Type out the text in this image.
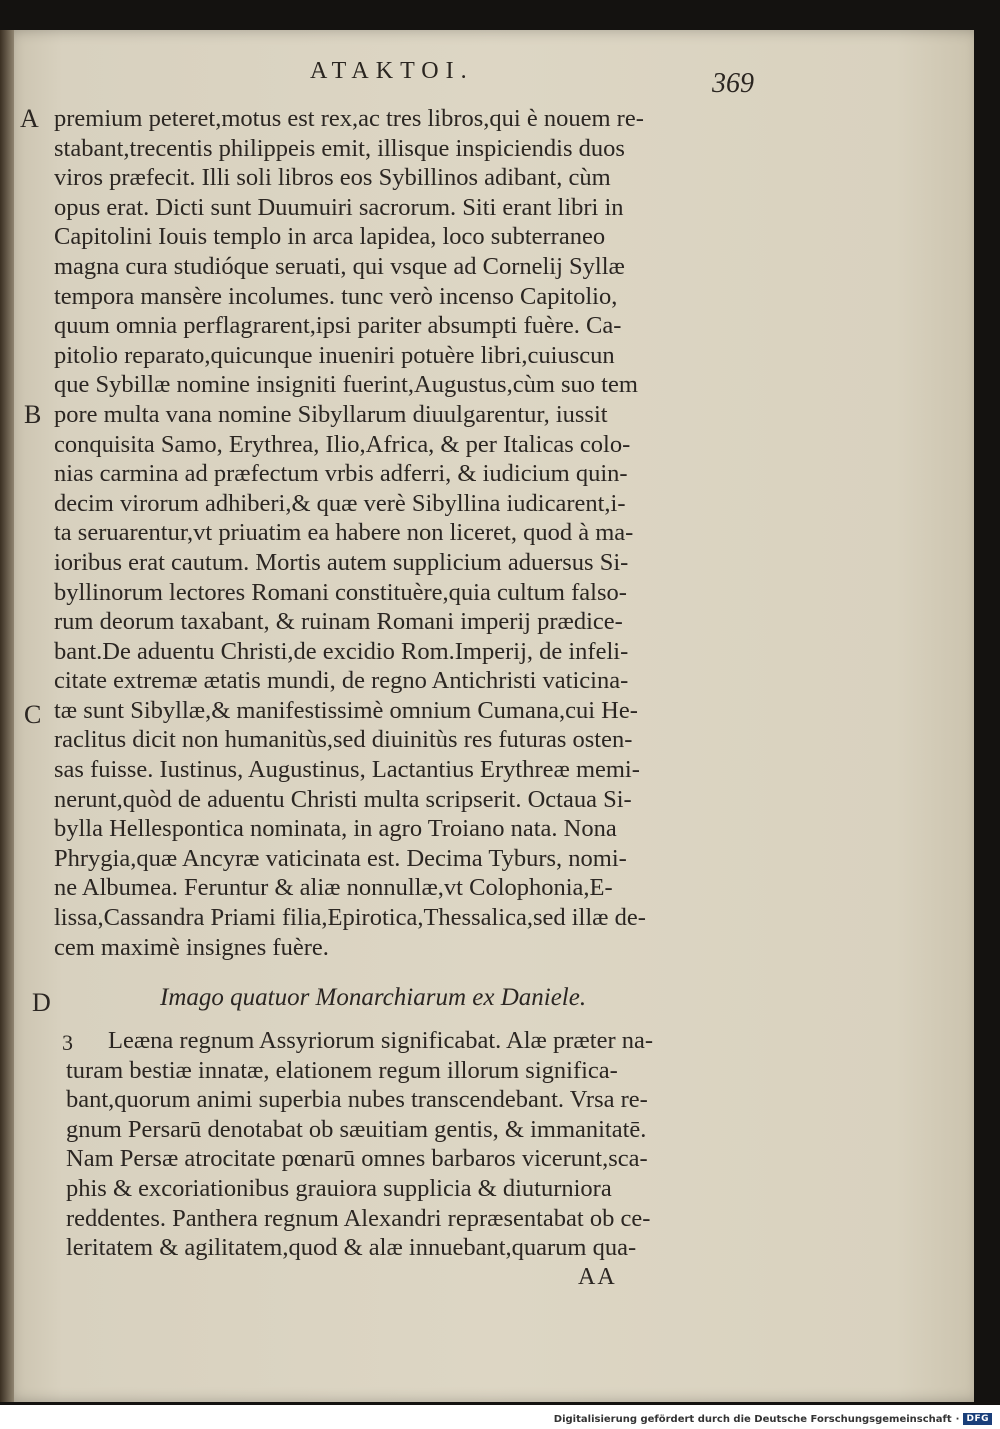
ATAKTOI.	369
A
B
C
D
premium peteret,motus est rex,ac tres libros,qui è nouem re-
stabant,trecentis philippeis emit, illisque inspiciendis duos
viros præfecit. Illi soli libros eos Sybillinos adibant, cùm
opus erat. Dicti sunt Duumuiri sacrorum. Siti erant libri in
Capitolini Iouis templo in arca lapidea, loco subterraneo
magna cura studióque seruati, qui vsque ad Cornelij Syllæ
tempora mansère incolumes. tunc verò incenso Capitolio,
quum omnia perflagrarent,ipsi pariter absumpti fuère. Ca-
pitolio reparato,quicunque inueniri potuère libri,cuiuscun
que Sybillæ nomine insigniti fuerint,Augustus,cùm suo tem
pore multa vana nomine Sibyllarum diuulgarentur, iussit
conquisita Samo, Erythrea, Ilio,Africa, & per Italicas colo-
nias carmina ad præfectum vrbis adferri, & iudicium quin-
decim virorum adhiberi,& quæ verè Sibyllina iudicarent,i-
ta seruarentur,vt priuatim ea habere non liceret, quod à ma-
ioribus erat cautum. Mortis autem supplicium aduersus Si-
byllinorum lectores Romani constituère,quia cultum falso-
rum deorum taxabant, & ruinam Romani imperij prædice-
bant.De aduentu Christi,de excidio Rom.Imperij, de infeli-
citate extremæ ætatis mundi, de regno Antichristi vaticina-
tæ sunt Sibyllæ,& manifestissimè omnium Cumana,cui He-
raclitus dicit non humanitùs,sed diuinitùs res futuras osten-
sas fuisse. Iustinus, Augustinus, Lactantius Erythreæ memi-
nerunt,quòd de aduentu Christi multa scripserit. Octaua Si-
bylla Hellespontica nominata, in agro Troiano nata. Nona
Phrygia,quæ Ancyræ vaticinata est. Decima Tyburs, nomi-
ne Albumea. Feruntur & aliæ nonnullæ,vt Colophonia,E-
lissa,Cassandra Priami filia,Epirotica,Thessalica,sed illæ de-
cem maximè insignes fuère.
Imago quatuor Monarchiarum ex Daniele.
3	Leæna regnum Assyriorum significabat. Alæ præter na-
turam bestiæ innatæ, elationem regum illorum significa-
bant,quorum animi superbia nubes transcendebant. Vrsa re-
gnum Persarū denotabat ob sæuitiam gentis, & immanitatē.
Nam Persæ atrocitate pœnarū omnes barbaros vicerunt,sca-
phis & excoriationibus grauiora supplicia & diuturniora
reddentes. Panthera regnum Alexandri repræsentabat ob ce-
leritatem & agilitatem,quod & alæ innuebant,quarum qua-
AA
Digitalisierung gefördert durch die Deutsche Forschungsgemeinschaft · DFG
